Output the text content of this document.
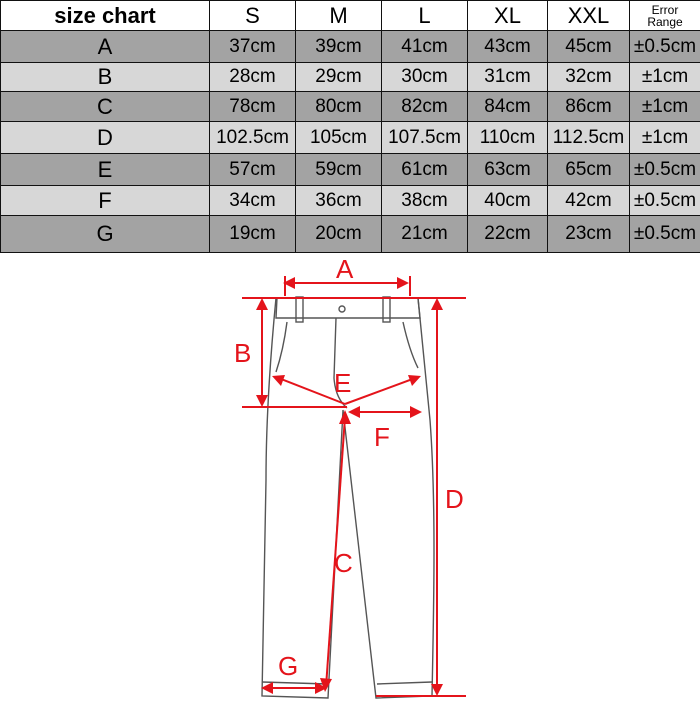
size chart	S	M	L	XL	XXL	Error
Range
A	37cm	39cm	41cm	43cm	45cm	±0.5cm
B	28cm	29cm	30cm	31cm	32cm	±1cm
C	78cm	80cm	82cm	84cm	86cm	±1cm
D	102.5cm	105cm	107.5cm	110cm	112.5cm	±1cm
E	57cm	59cm	61cm	63cm	65cm	±0.5cm
F	34cm	36cm	38cm	40cm	42cm	±0.5cm
G	19cm	20cm	21cm	22cm	23cm	±0.5cm
A
B
E
F
C
D
G
